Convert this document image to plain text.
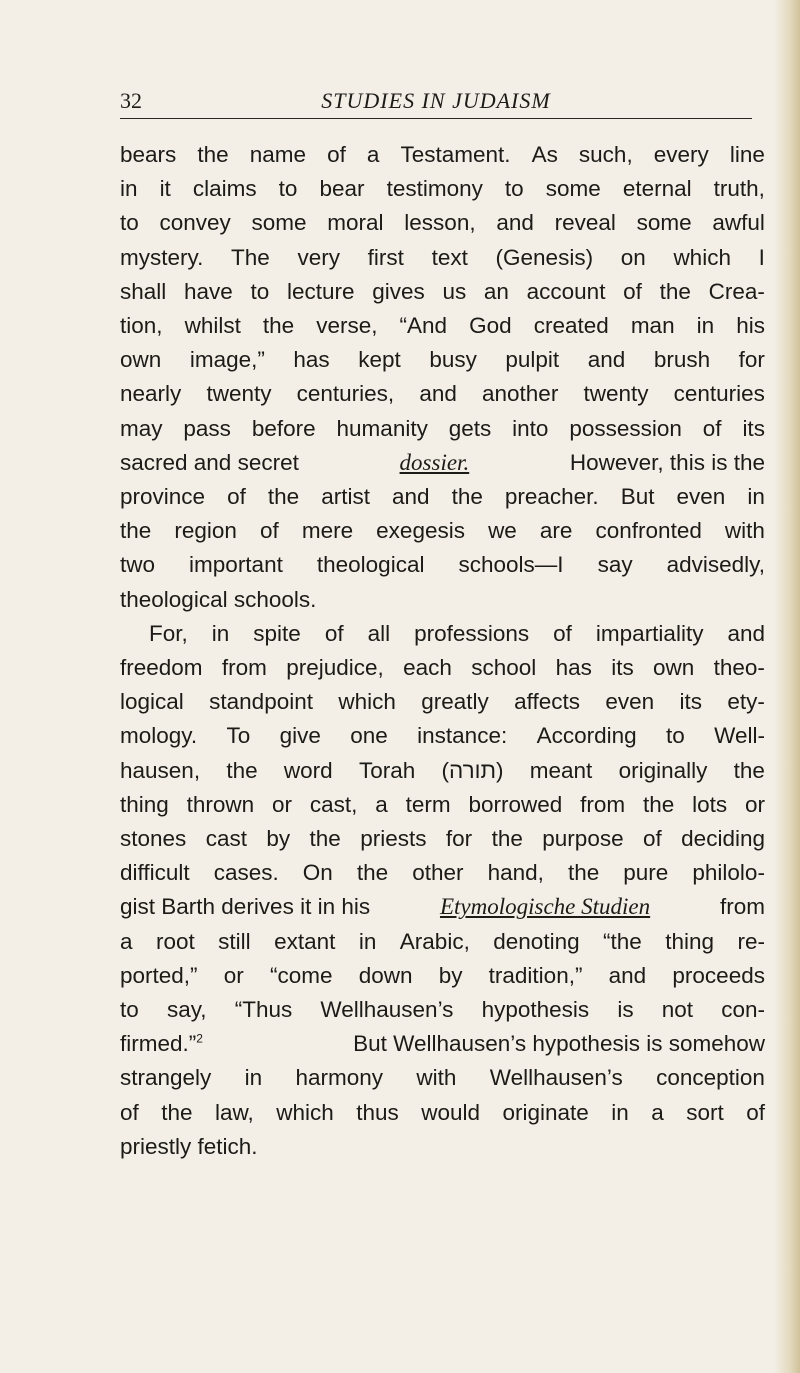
32	STUDIES IN JUDAISM
bears the name of a Testament. As such, every line
in it claims to bear testimony to some eternal truth,
to convey some moral lesson, and reveal some awful
mystery. The very first text (Genesis) on which I
shall have to lecture gives us an account of the Crea-
tion, whilst the verse, “And God created man in his
own image,” has kept busy pulpit and brush for
nearly twenty centuries, and another twenty centuries
may pass before humanity gets into possession of its
sacred and secret	dossier.	However, this is the
province of the artist and the preacher. But even in
the region of mere exegesis we are confronted with
two important theological schools—I say advisedly,
theological schools.
For, in spite of all professions of impartiality and
freedom from prejudice, each school has its own theo-
logical standpoint which greatly affects even its ety-
mology. To give one instance: According to Well-
hausen, the word Torah (תורה) meant originally the
thing thrown or cast, a term borrowed from the lots or
stones cast by the priests for the purpose of deciding
difficult cases. On the other hand, the pure philolo-
gist Barth derives it in his	Etymologische Studien	from
a root still extant in Arabic, denoting “the thing re-
ported,” or “come down by tradition,” and proceeds
to say, “Thus Wellhausen’s hypothesis is not con-
firmed.”$^2$	But Wellhausen’s hypothesis is somehow
strangely in harmony with Wellhausen’s conception
of the law, which thus would originate in a sort of
priestly fetich.
